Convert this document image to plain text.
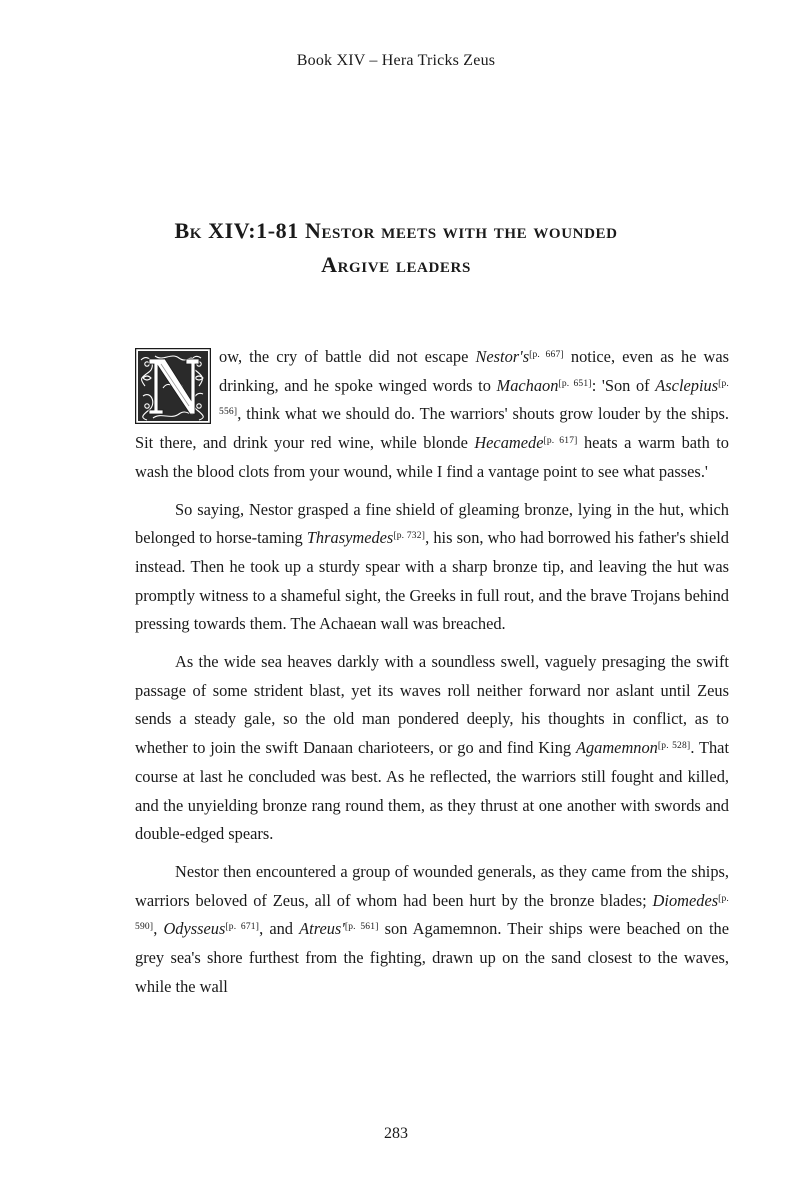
Book XIV – Hera Tricks Zeus
Bk XIV:1-81 Nestor meets with the wounded
Argive leaders

ow, the cry of battle did not escape Nestor's [ $^{p. 667}$ ] notice, even as he was drinking, and he spoke winged words to Machaon [ $^{p. 651}$ ] : 'Son of Asclepius [ $^{p. 556}$ ] , think what we should do. The warriors' shouts grow louder by the ships. Sit there, and drink your red wine, while blonde Hecamede [ $^{p. 617}$ ] heats a warm bath to wash the blood clots from your wound, while I find a vantage point to see what passes.'

So saying, Nestor grasped a fine shield of gleaming bronze, lying in the hut, which belonged to horse-taming Thrasymedes [ $^{p. 732}$ ] , his son, who had borrowed his father's shield instead. Then he took up a sturdy spear with a sharp bronze tip, and leaving the hut was promptly witness to a shameful sight, the Greeks in full rout, and the brave Trojans behind pressing towards them. The Achaean wall was breached.

As the wide sea heaves darkly with a soundless swell, vaguely presaging the swift passage of some strident blast, yet its waves roll neither forward nor aslant until Zeus sends a steady gale, so the old man pondered deeply, his thoughts in conflict, as to whether to join the swift Danaan charioteers, or go and find King Agamemnon [ $^{p. 528}$ ] . That course at last he concluded was best. As he reflected, the warriors still fought and killed, and the unyielding bronze rang round them, as they thrust at one another with swords and double-edged spears.

Nestor then encountered a group of wounded generals, as they came from the ships, warriors beloved of Zeus, all of whom had been hurt by the bronze blades; Diomedes [ $^{p. 590}$ ] , Odysseus [ $^{p. 671}$ ] , and Atreus' [ $^{p. 561}$ ] son Agamemnon. Their ships were beached on the grey sea's shore furthest from the fighting, drawn up on the sand closest to the waves, while the wall

283
